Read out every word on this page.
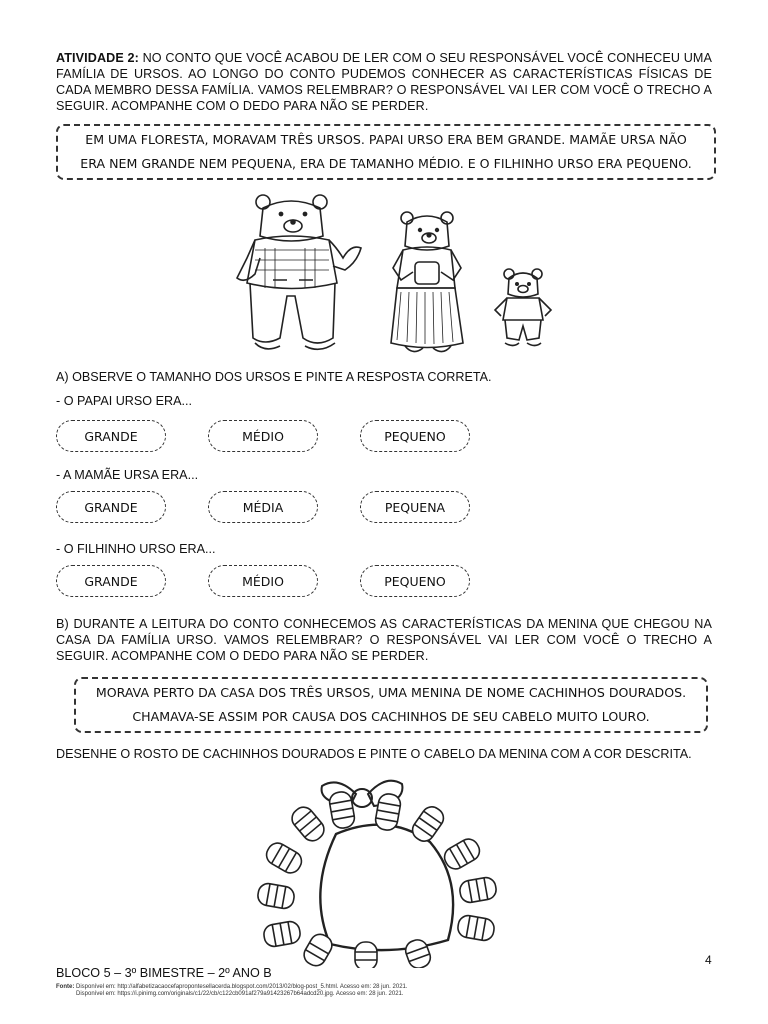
ATIVIDADE 2: NO CONTO QUE VOCÊ ACABOU DE LER COM O SEU RESPONSÁVEL VOCÊ CONHECEU UMA FAMÍLIA DE URSOS. AO LONGO DO CONTO PUDEMOS CONHECER AS CARACTERÍSTICAS FÍSICAS DE CADA MEMBRO DESSA FAMÍLIA. VAMOS RELEMBRAR? O RESPONSÁVEL VAI LER COM VOCÊ O TRECHO A SEGUIR. ACOMPANHE COM O DEDO PARA NÃO SE PERDER.
EM UMA FLORESTA, MORAVAM TRÊS URSOS. PAPAI URSO ERA BEM GRANDE. MAMÃE URSA NÃO
ERA NEM GRANDE NEM PEQUENA, ERA DE TAMANHO MÉDIO. E O FILHINHO URSO ERA PEQUENO.
A) OBSERVE O TAMANHO DOS URSOS E PINTE A RESPOSTA CORRETA.
- O PAPAI URSO ERA...
GRANDE	MÉDIO	PEQUENO
- A MAMÃE URSA ERA...
GRANDE	MÉDIA	PEQUENA
- O FILHINHO URSO ERA...
GRANDE	MÉDIO	PEQUENO
B) DURANTE A LEITURA DO CONTO CONHECEMOS AS CARACTERÍSTICAS DA MENINA QUE CHEGOU NA CASA DA FAMÍLIA URSO. VAMOS RELEMBRAR? O RESPONSÁVEL VAI LER COM VOCÊ O TRECHO A SEGUIR. ACOMPANHE COM O DEDO PARA NÃO SE PERDER.
MORAVA PERTO DA CASA DOS TRÊS URSOS, UMA MENINA DE NOME CACHINHOS DOURADOS.
CHAMAVA-SE ASSIM POR CAUSA DOS CACHINHOS DE SEU CABELO MUITO LOURO.
DESENHE O ROSTO DE CACHINHOS DOURADOS E PINTE O CABELO DA MENINA COM A COR DESCRITA.
4
BLOCO 5 – 3º BIMESTRE – 2º ANO B
Fonte: Disponível em: http://alfabetizacaocefapropontesellacerda.blogspot.com/2013/02/blog-post_5.html. Acesso em: 28 jun. 2021.
Disponível em: https://i.pinimg.com/originals/c1/22/cb/c122cb091af279a91423267b64adcd20.jpg. Acesso em: 28 jun. 2021.
